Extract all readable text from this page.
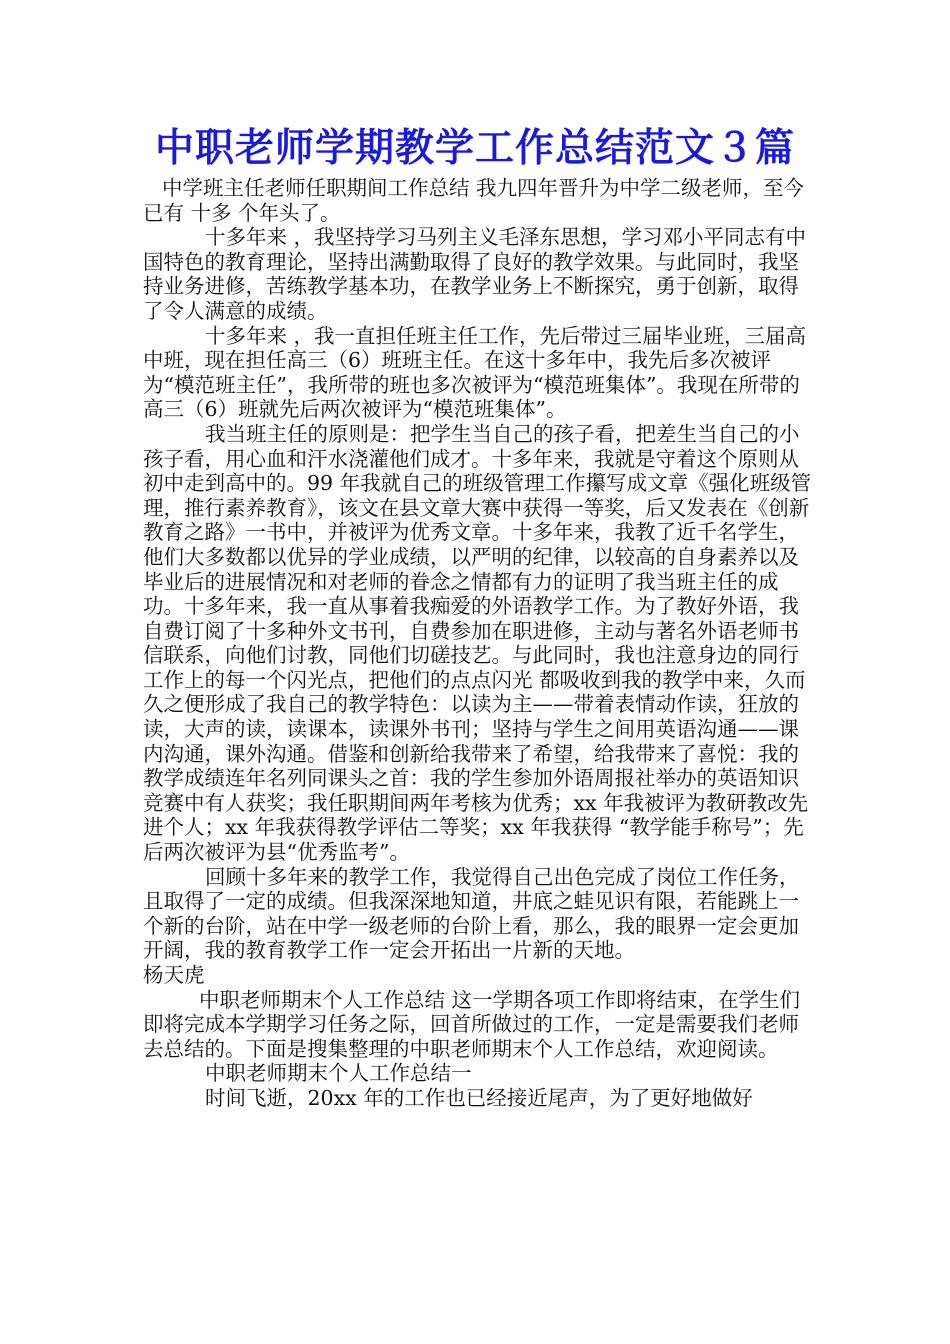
中职老师学期教学工作总结范文３篇

中学班主任老师任职期间工作总结 我九四年晋升为中学二级老师，至今已有 十多 个年头了。

十多年来 ，我坚持学习马列主义毛泽东思想，学习邓小平同志有中国特色的教育理论，坚持出满勤取得了良好的教学效果。与此同时，我坚持业务进修，苦练教学基本功，在教学业务上不断探究，勇于创新，取得了令人满意的成绩。

十多年来 ，我一直担任班主任工作，先后带过三届毕业班，三届高中班，现在担任高三（6）班班主任。在这十多年中，我先后多次被评为“模范班主任”，我所带的班也多次被评为“模范班集体”。我现在所带的高三（6）班就先后两次被评为“模范班集体”。

我当班主任的原则是：把学生当自己的孩子看，把差生当自己的小孩子看，用心血和汗水浇灌他们成才。十多年来，我就是守着这个原则从初中走到高中的。99 年我就自己的班级管理工作攥写成文章《强化班级管理，推行素养教育》，该文在县文章大赛中获得一等奖，后又发表在《创新教育之路》一书中，并被评为优秀文章。十多年来，我教了近千名学生，他们大多数都以优异的学业成绩，以严明的纪律，以较高的自身素养以及毕业后的进展情况和对老师的眷念之情都有力的证明了我当班主任的成功。十多年来，我一直从事着我痴爱的外语教学工作。为了教好外语，我自费订阅了十多种外文书刊，自费参加在职进修，主动与著名外语老师书信联系，向他们讨教，同他们切磋技艺。与此同时，我也注意身边的同行工作上的每一个闪光点，把他们的点点闪光 都吸收到我的教学中来，久而久之便形成了我自己的教学特色：以读为主——带着表情动作读，狂放的读，大声的读，读课本，读课外书刊；坚持与学生之间用英语沟通——课内沟通，课外沟通。借鉴和创新给我带来了希望，给我带来了喜悦：我的教学成绩连年名列同课头之首：我的学生参加外语周报社举办的英语知识竞赛中有人获奖；我任职期间两年考核为优秀；xx 年我被评为教研教改先进个人；xx 年我获得教学评估二等奖；xx 年我获得 “教学能手称号”；先后两次被评为县“优秀监考”。

回顾十多年来的教学工作，我觉得自己出色完成了岗位工作任务，且取得了一定的成绩。但我深深地知道，井底之蛙见识有限，若能跳上一个新的台阶，站在中学一级老师的台阶上看，那么，我的眼界一定会更加开阔，我的教育教学工作一定会开拓出一片新的天地。

杨天虎

中职老师期末个人工作总结 这一学期各项工作即将结束，在学生们即将完成本学期学习任务之际，回首所做过的工作，一定是需要我们老师去总结的。下面是搜集整理的中职老师期末个人工作总结，欢迎阅读。

中职老师期末个人工作总结一

时间飞逝，20xx 年的工作也已经接近尾声，为了更好地做好
